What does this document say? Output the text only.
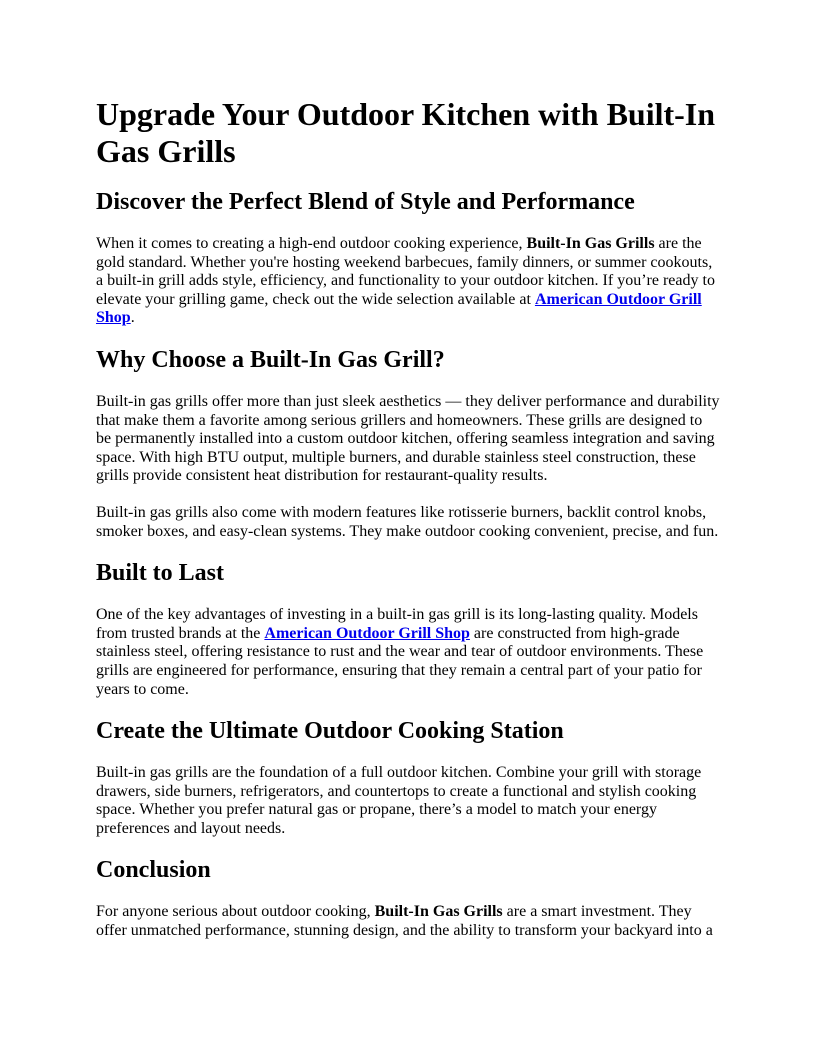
Upgrade Your Outdoor Kitchen with Built-In Gas Grills
Discover the Perfect Blend of Style and Performance

When it comes to creating a high-end outdoor cooking experience, Built-In Gas Grills are the gold standard. Whether you're hosting weekend barbecues, family dinners, or summer cookouts, a built-in grill adds style, efficiency, and functionality to your outdoor kitchen. If you’re ready to elevate your grilling game, check out the wide selection available at American Outdoor Grill Shop.

Why Choose a Built-In Gas Grill?

Built-in gas grills offer more than just sleek aesthetics — they deliver performance and durability that make them a favorite among serious grillers and homeowners. These grills are designed to be permanently installed into a custom outdoor kitchen, offering seamless integration and saving space. With high BTU output, multiple burners, and durable stainless steel construction, these grills provide consistent heat distribution for restaurant-quality results.

Built-in gas grills also come with modern features like rotisserie burners, backlit control knobs, smoker boxes, and easy-clean systems. They make outdoor cooking convenient, precise, and fun.

Built to Last

One of the key advantages of investing in a built-in gas grill is its long-lasting quality. Models from trusted brands at the American Outdoor Grill Shop are constructed from high-grade stainless steel, offering resistance to rust and the wear and tear of outdoor environments. These grills are engineered for performance, ensuring that they remain a central part of your patio for years to come.

Create the Ultimate Outdoor Cooking Station

Built-in gas grills are the foundation of a full outdoor kitchen. Combine your grill with storage drawers, side burners, refrigerators, and countertops to create a functional and stylish cooking space. Whether you prefer natural gas or propane, there’s a model to match your energy preferences and layout needs.

Conclusion

For anyone serious about outdoor cooking, Built-In Gas Grills are a smart investment. They offer unmatched performance, stunning design, and the ability to transform your backyard into a
